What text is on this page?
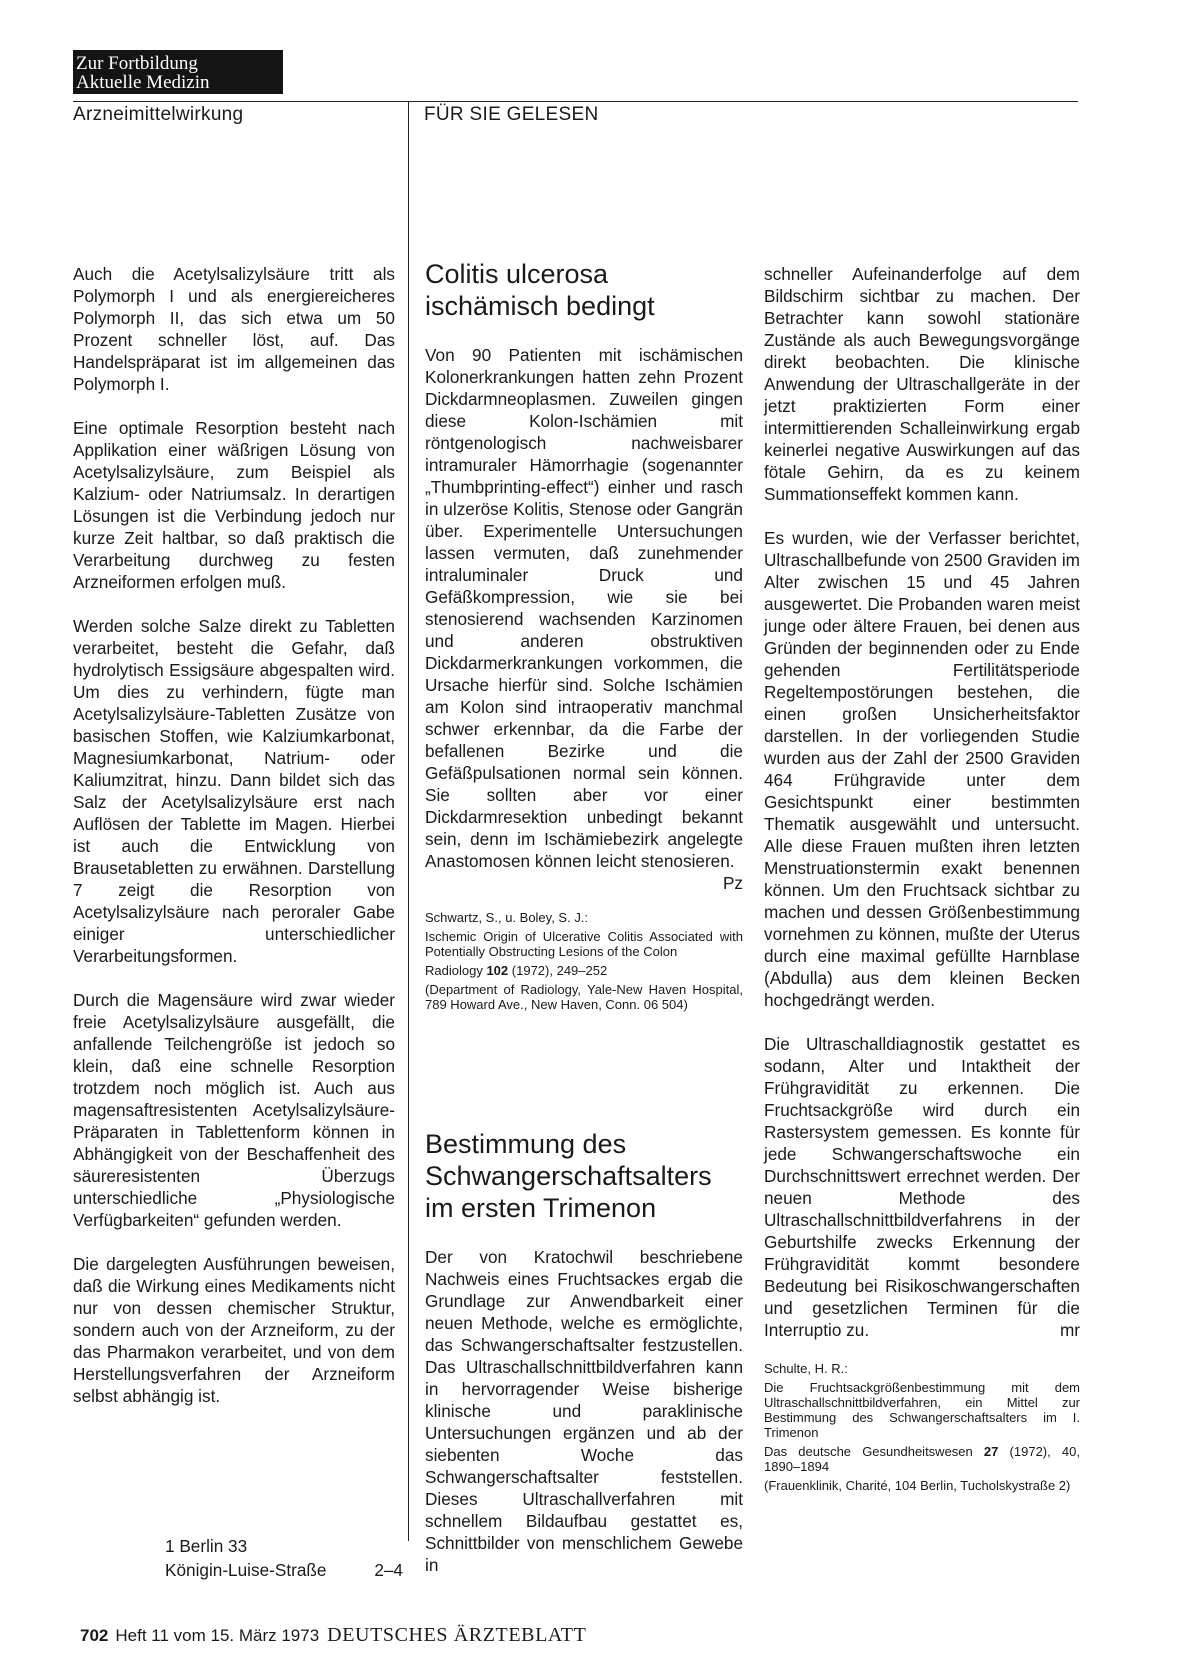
Zur Fortbildung
Aktuelle Medizin
Arzneimittelwirkung	FÜR SIE GELESEN

Auch die Acetylsalizylsäure tritt als Polymorph I und als energiereicheres Polymorph II, das sich etwa um 50 Prozent schneller löst, auf. Das Handelspräparat ist im allgemeinen das Polymorph I.

Eine optimale Resorption besteht nach Applikation einer wäßrigen Lösung von Acetylsalizylsäure, zum Beispiel als Kalzium- oder Natriumsalz. In derartigen Lösungen ist die Verbindung jedoch nur kurze Zeit haltbar, so daß praktisch die Verarbeitung durchweg zu festen Arzneiformen erfolgen muß.

Werden solche Salze direkt zu Tabletten verarbeitet, besteht die Gefahr, daß hydrolytisch Essigsäure abgespalten wird. Um dies zu verhindern, fügte man Acetylsalizylsäure-Tabletten Zusätze von basischen Stoffen, wie Kalziumkarbonat, Magnesiumkarbonat, Natrium- oder Kaliumzitrat, hinzu. Dann bildet sich das Salz der Acetylsalizylsäure erst nach Auflösen der Tablette im Magen. Hierbei ist auch die Entwicklung von Brausetabletten zu erwähnen. Darstellung 7 zeigt die Resorption von Acetylsalizylsäure nach peroraler Gabe einiger unterschiedlicher Verarbeitungsformen.

Durch die Magensäure wird zwar wieder freie Acetylsalizylsäure ausgefällt, die anfallende Teilchengröße ist jedoch so klein, daß eine schnelle Resorption trotzdem noch möglich ist. Auch aus magensaftresistenten Acetylsalizylsäure-Präparaten in Tablettenform können in Abhängigkeit von der Beschaffenheit des säureresistenten Überzugs unterschiedliche „Physiologische Verfügbarkeiten“ gefunden werden.

Die dargelegten Ausführungen beweisen, daß die Wirkung eines Medikaments nicht nur von dessen chemischer Struktur, sondern auch von der Arzneiform, zu der das Pharmakon verarbeitet, und von dem Herstellungsverfahren der Arzneiform selbst abhängig ist.

1 Berlin 33
Königin-Luise-Straße	2–4
Colitis ulcerosa ischämisch bedingt
Von 90 Patienten mit ischämischen Kolonerkrankungen hatten zehn Prozent Dickdarmneoplasmen. Zuweilen gingen diese Kolon-Ischämien mit röntgenologisch nachweisbarer intramuraler Hämorrhagie (sogenannter „Thumbprinting-effect“) einher und rasch in ulzeröse Kolitis, Stenose oder Gangrän über. Experimentelle Untersuchungen lassen vermuten, daß zunehmender intraluminaler Druck und Gefäßkompression, wie sie bei stenosierend wachsenden Karzinomen und anderen obstruktiven Dickdarmerkrankungen vorkommen, die Ursache hierfür sind. Solche Ischämien am Kolon sind intraoperativ manchmal schwer erkennbar, da die Farbe der befallenen Bezirke und die Gefäßpulsationen normal sein können. Sie sollten aber vor einer Dickdarmresektion unbedingt bekannt sein, denn im Ischämiebezirk angelegte Anastomosen können leicht stenosieren.
Pz
Schwartz, S., u. Boley, S. J.:
Ischemic Origin of Ulcerative Colitis Associated with Potentially Obstructing Lesions of the Colon
Radiology 102 (1972), 249–252
(Department of Radiology, Yale-New Haven Hospital, 789 Howard Ave., New Haven, Conn. 06 504)
Bestimmung des Schwangerschaftsalters im ersten Trimenon

Der von Kratochwil beschriebene Nachweis eines Fruchtsackes ergab die Grundlage zur Anwendbarkeit einer neuen Methode, welche es ermöglichte, das Schwangerschaftsalter festzustellen. Das Ultraschallschnittbildverfahren kann in hervorragender Weise bisherige klinische und paraklinische Untersuchungen ergänzen und ab der siebenten Woche das Schwangerschaftsalter feststellen. Dieses Ultraschallverfahren mit schnellem Bildaufbau gestattet es, Schnittbilder von menschlichem Gewebe in

schneller Aufeinanderfolge auf dem Bildschirm sichtbar zu machen. Der Betrachter kann sowohl stationäre Zustände als auch Bewegungsvorgänge direkt beobachten. Die klinische Anwendung der Ultraschallgeräte in der jetzt praktizierten Form einer intermittierenden Schalleinwirkung ergab keinerlei negative Auswirkungen auf das fötale Gehirn, da es zu keinem Summationseffekt kommen kann.

Es wurden, wie der Verfasser berichtet, Ultraschallbefunde von 2500 Graviden im Alter zwischen 15 und 45 Jahren ausgewertet. Die Probanden waren meist junge oder ältere Frauen, bei denen aus Gründen der beginnenden oder zu Ende gehenden Fertilitätsperiode Regeltempostörungen bestehen, die einen großen Unsicherheitsfaktor darstellen. In der vorliegenden Studie wurden aus der Zahl der 2500 Graviden 464 Frühgravide unter dem Gesichtspunkt einer bestimmten Thematik ausgewählt und untersucht. Alle diese Frauen mußten ihren letzten Menstruationstermin exakt benennen können. Um den Fruchtsack sichtbar zu machen und dessen Größenbestimmung vornehmen zu können, mußte der Uterus durch eine maximal gefüllte Harnblase (Abdulla) aus dem kleinen Becken hochgedrängt werden.

Die Ultraschalldiagnostik gestattet es sodann, Alter und Intaktheit der Frühgravidität zu erkennen. Die Fruchtsackgröße wird durch ein Rastersystem gemessen. Es konnte für jede Schwangerschaftswoche ein Durchschnittswert errechnet werden. Der neuen Methode des Ultraschallschnittbildverfahrens in der Geburtshilfe zwecks Erkennung der Frühgravidität kommt besondere Bedeutung bei Risikoschwangerschaften und gesetzlichen Terminen für die Interruptio zu.	mr
Schulte, H. R.:
Die Fruchtsackgrößenbestimmung mit dem Ultraschallschnittbildverfahren, ein Mittel zur Bestimmung des Schwangerschaftsalters im I. Trimenon
Das deutsche Gesundheitswesen 27 (1972), 40, 1890–1894
(Frauenklinik, Charité, 104 Berlin, Tucholskystraße 2)
702 Heft 11 vom 15. März 1973 DEUTSCHES ÄRZTEBLATT
